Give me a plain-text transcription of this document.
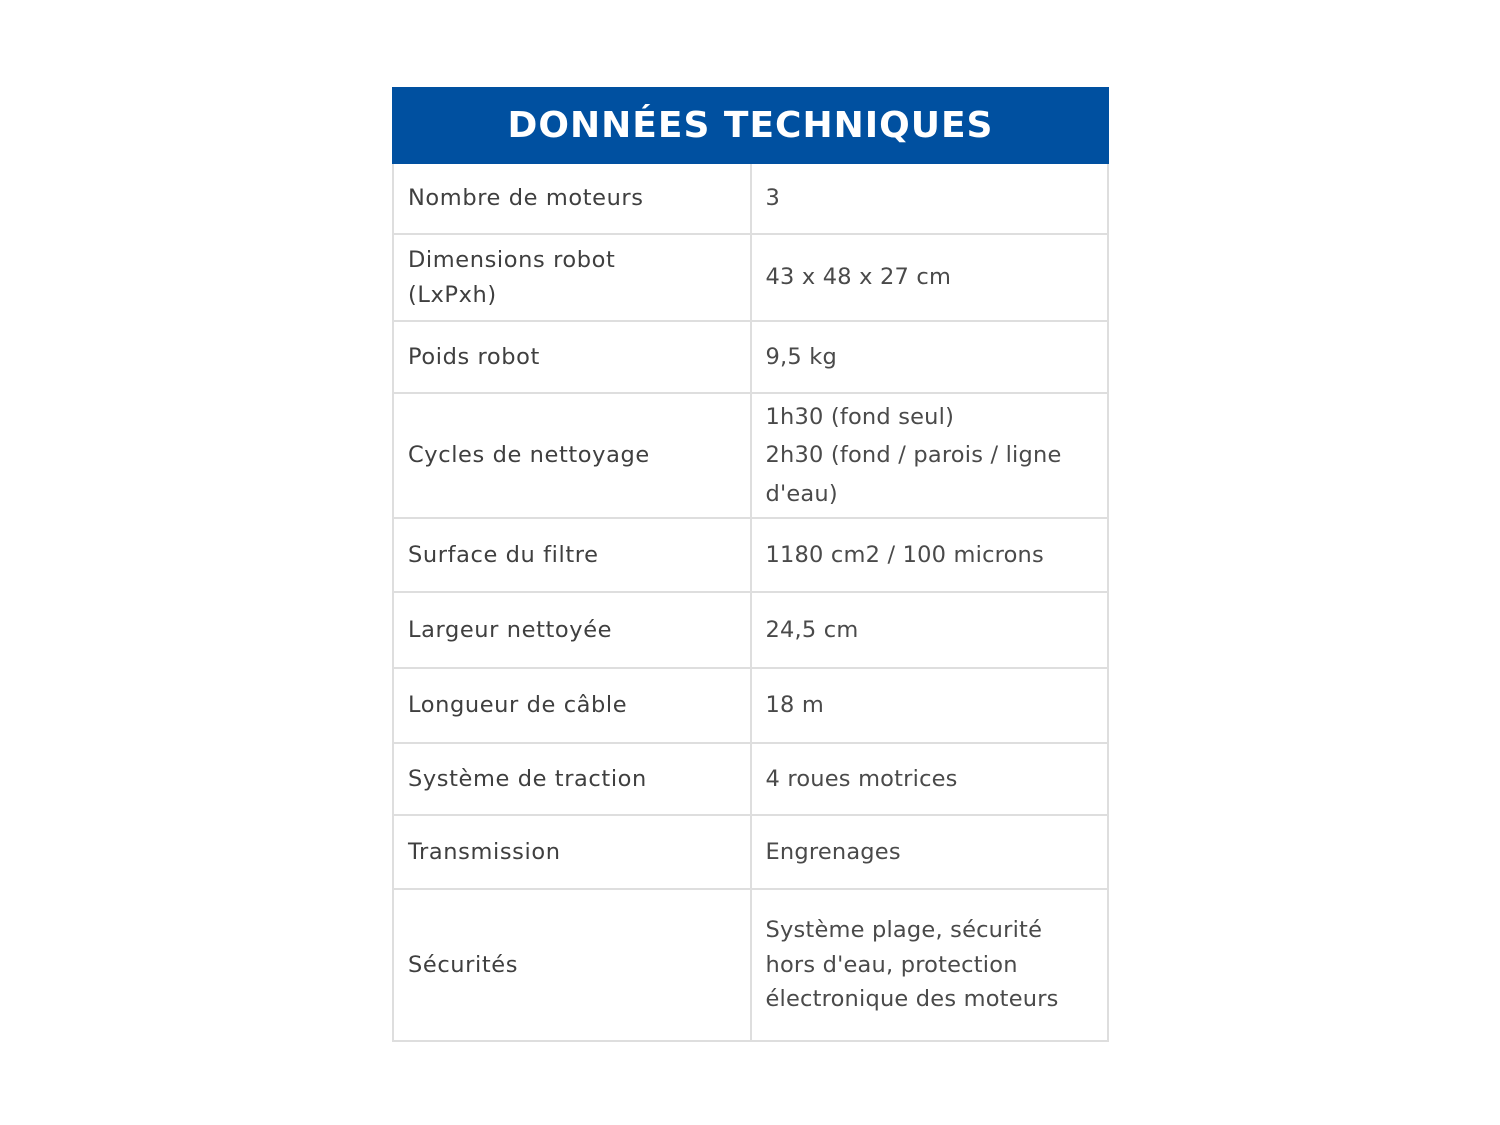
DONNÉES TECHNIQUES	
Nombre de moteurs	3
Dimensions robot (LxPxh)	43 x 48 x 27 cm
Poids robot	9,5 kg
Cycles de nettoyage	1h30 (fond seul)
2h30 (fond / parois / ligne d'eau)

Surface du filtre	1180 cm2 / 100 microns
Largeur nettoyée	24,5 cm
Longueur de câble	18 m
Système de traction	4 roues motrices
Transmission	Engrenages
Sécurités	Système plage, sécurité hors d'eau, protection électronique des moteurs
